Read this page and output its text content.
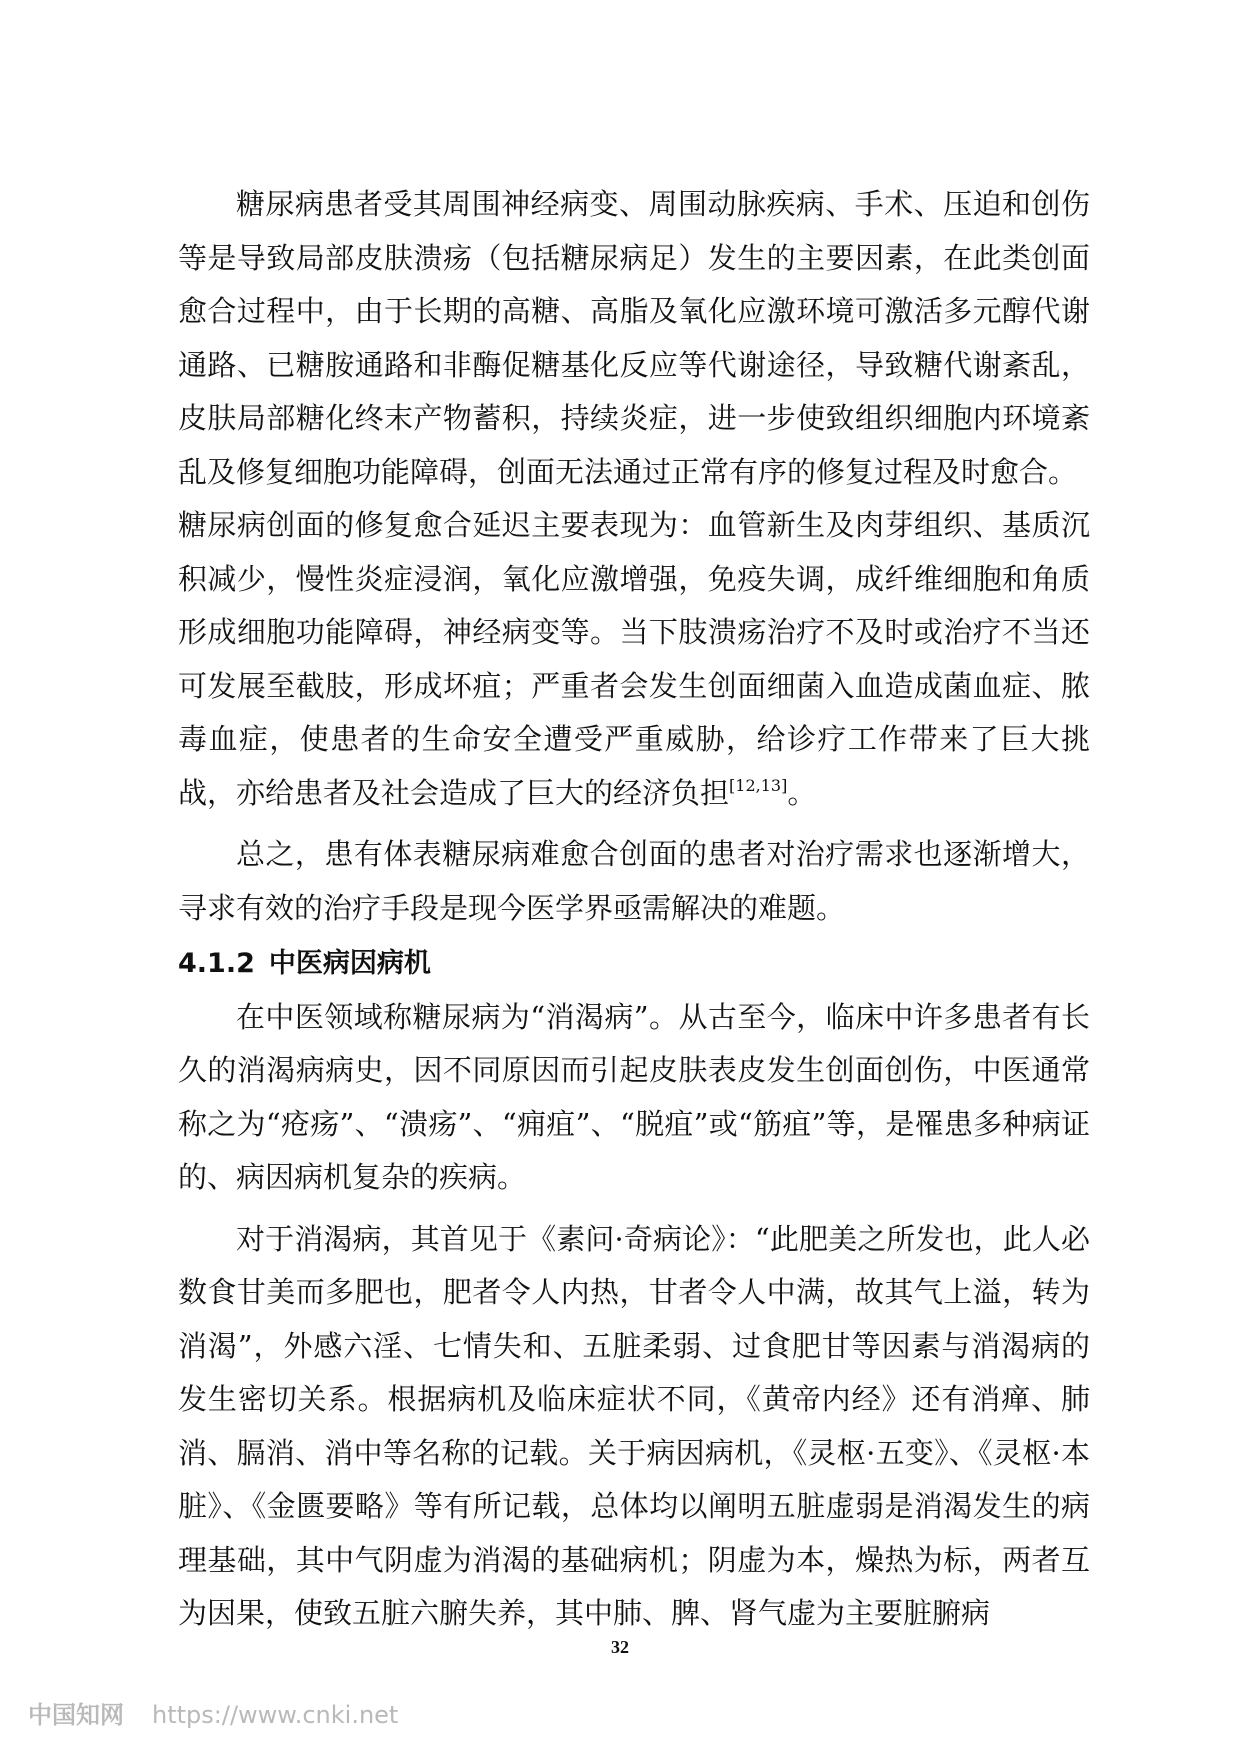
糖尿病患者受其周围神经病变、周围动脉疾病、手术、压迫和创伤等是导致局部皮肤溃疡（包括糖尿病足）发生的主要因素，在此类创面愈合过程中，由于长期的高糖、高脂及氧化应激环境可激活多元醇代谢通路、已糖胺通路和非酶促糖基化反应等代谢途径，导致糖代谢紊乱，皮肤局部糖化终末产物蓄积，持续炎症，进一步使致组织细胞内环境紊乱及修复细胞功能障碍，创面无法通过正常有序的修复过程及时愈合。

糖尿病创面的修复愈合延迟主要表现为：血管新生及肉芽组织、基质沉积减少，慢性炎症浸润，氧化应激增强，免疫失调，成纤维细胞和角质形成细胞功能障碍，神经病变等。当下肢溃疡治疗不及时或治疗不当还可发展至截肢，形成坏疽；严重者会发生创面细菌入血造成菌血症、脓毒血症，使患者的生命安全遭受严重威胁，给诊疗工作带来了巨大挑战，亦给患者及社会造成了巨大的经济负担[12,13]。

总之，患有体表糖尿病难愈合创面的患者对治疗需求也逐渐增大，寻求有效的治疗手段是现今医学界亟需解决的难题。

4.1.2 中医病因病机

在中医领域称糖尿病为“消渴病”。从古至今，临床中许多患者有长久的消渴病病史，因不同原因而引起皮肤表皮发生创面创伤，中医通常称之为“疮疡”、“溃疡”、“痈疽”、“脱疽”或“筋疽”等，是罹患多种病证的、病因病机复杂的疾病。

对于消渴病，其首见于《素问·奇病论》：“此肥美之所发也，此人必数食甘美而多肥也，肥者令人内热，甘者令人中满，故其气上溢，转为消渴”，外感六淫、七情失和、五脏柔弱、过食肥甘等因素与消渴病的发生密切关系。根据病机及临床症状不同，《黄帝内经》还有消瘅、肺消、膈消、消中等名称的记载。关于病因病机，《灵枢·五变》、《灵枢·本脏》、《金匮要略》等有所记载，总体均以阐明五脏虚弱是消渴发生的病理基础，其中气阴虚为消渴的基础病机；阴虚为本，燥热为标，两者互为因果，使致五脏六腑失养，其中肺、脾、肾气虚为主要脏腑病

32
中国知网 https://www.cnki.net
